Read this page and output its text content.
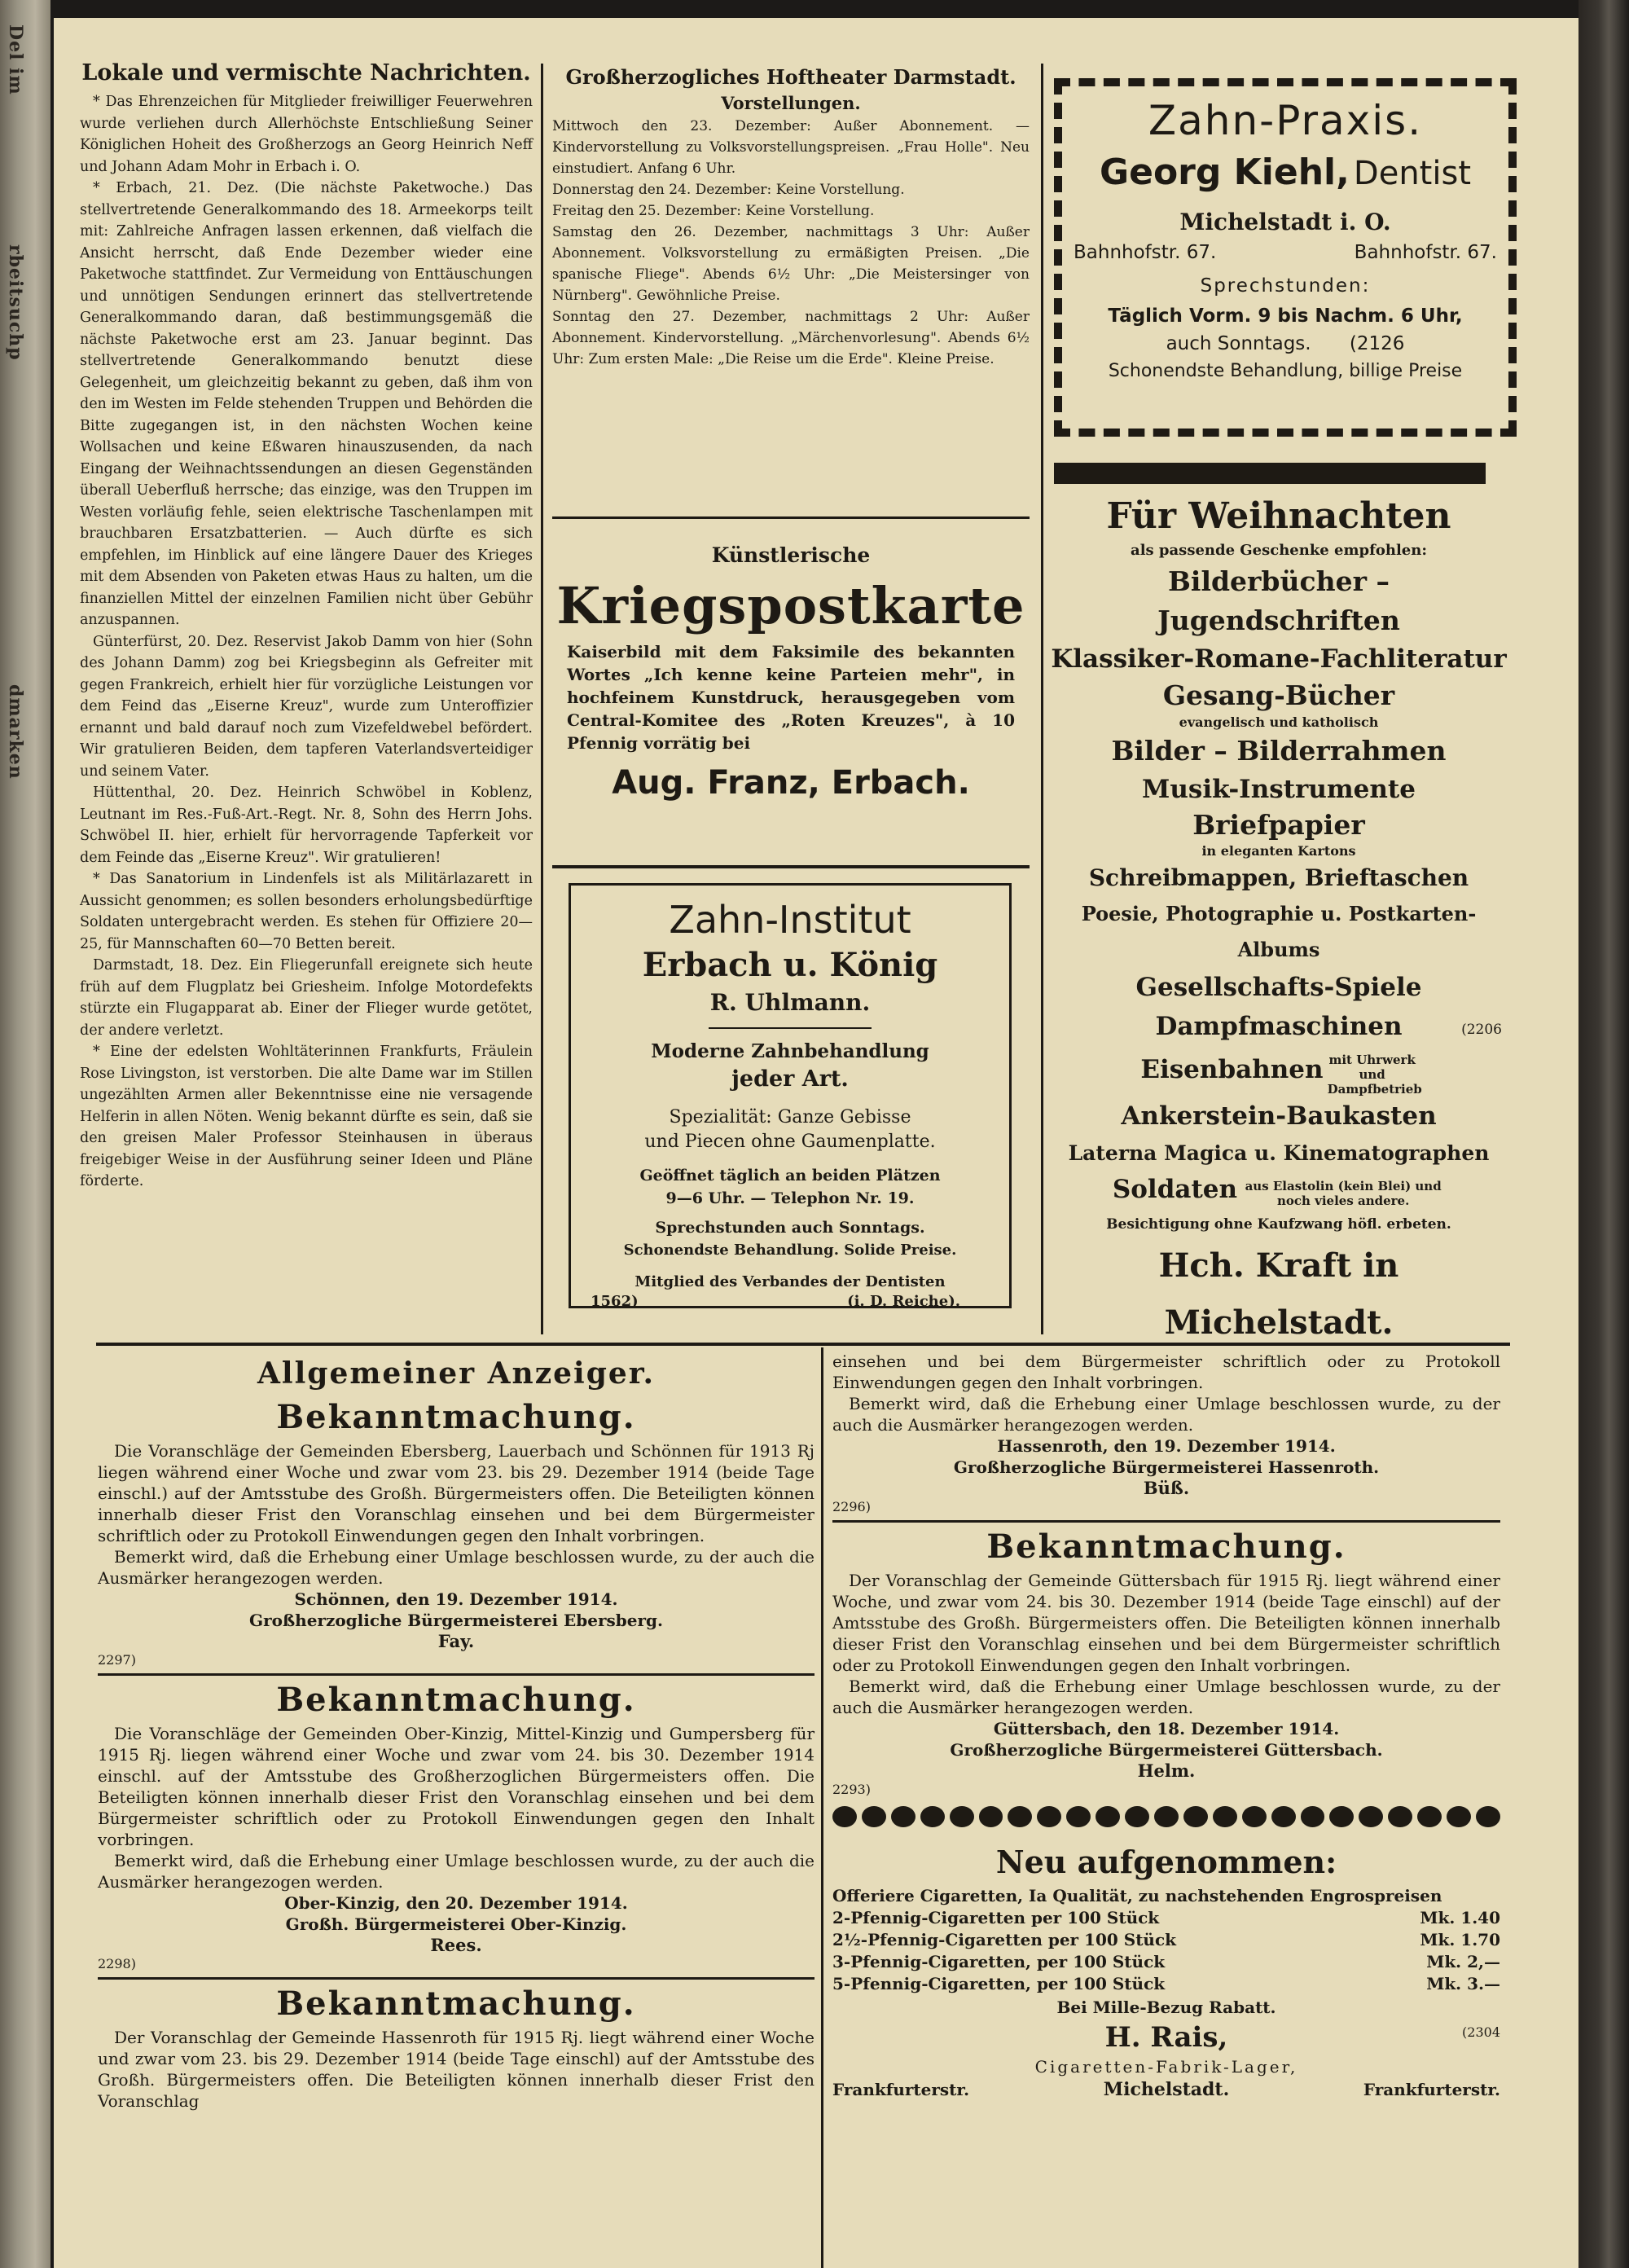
Del im
rbeitsuchp
dmarken
Lokale und vermischte Nachrichten.

* Das Ehrenzeichen für Mitglieder freiwilliger Feuerwehren wurde verliehen durch Allerhöchste Entschließung Seiner Königlichen Hoheit des Großherzogs an Georg Heinrich Neff und Johann Adam Mohr in Erbach i. O.

* Erbach, 21. Dez. (Die nächste Paketwoche.) Das stellvertretende Generalkommando des 18. Armeekorps teilt mit: Zahlreiche Anfragen lassen erkennen, daß vielfach die Ansicht herrscht, daß Ende Dezember wieder eine Paketwoche stattfindet. Zur Vermeidung von Enttäuschungen und unnötigen Sendungen erinnert das stellvertretende Generalkommando daran, daß bestimmungsgemäß die nächste Paketwoche erst am 23. Januar beginnt. Das stellvertretende Generalkommando benutzt diese Gelegenheit, um gleichzeitig bekannt zu geben, daß ihm von den im Westen im Felde stehenden Truppen und Behörden die Bitte zugegangen ist, in den nächsten Wochen keine Wollsachen und keine Eßwaren hinauszusenden, da nach Eingang der Weihnachtssendungen an diesen Gegenständen überall Ueberfluß herrsche; das einzige, was den Truppen im Westen vorläufig fehle, seien elektrische Taschenlampen mit brauchbaren Ersatzbatterien. — Auch dürfte es sich empfehlen, im Hinblick auf eine längere Dauer des Krieges mit dem Absenden von Paketen etwas Haus zu halten, um die finanziellen Mittel der einzelnen Familien nicht über Gebühr anzuspannen.

Günterfürst, 20. Dez. Reservist Jakob Damm von hier (Sohn des Johann Damm) zog bei Kriegsbeginn als Gefreiter mit gegen Frankreich, erhielt hier für vorzügliche Leistungen vor dem Feind das „Eiserne Kreuz", wurde zum Unteroffizier ernannt und bald darauf noch zum Vizefeldwebel befördert. Wir gratulieren Beiden, dem tapferen Vaterlandsverteidiger und seinem Vater.

Hüttenthal, 20. Dez. Heinrich Schwöbel in Koblenz, Leutnant im Res.-Fuß-Art.-Regt. Nr. 8, Sohn des Herrn Johs. Schwöbel II. hier, erhielt für hervorragende Tapferkeit vor dem Feinde das „Eiserne Kreuz". Wir gratulieren!

* Das Sanatorium in Lindenfels ist als Militärlazarett in Aussicht genommen; es sollen besonders erholungsbedürftige Soldaten untergebracht werden. Es stehen für Offiziere 20—25, für Mannschaften 60—70 Betten bereit.

Darmstadt, 18. Dez. Ein Fliegerunfall ereignete sich heute früh auf dem Flugplatz bei Griesheim. Infolge Motordefekts stürzte ein Flugapparat ab. Einer der Flieger wurde getötet, der andere verletzt.

* Eine der edelsten Wohltäterinnen Frankfurts, Fräulein Rose Livingston, ist verstorben. Die alte Dame war im Stillen ungezählten Armen aller Bekenntnisse eine nie versagende Helferin in allen Nöten. Wenig bekannt dürfte es sein, daß sie den greisen Maler Professor Steinhausen in überaus freigebiger Weise in der Ausführung seiner Ideen und Pläne förderte.

Großherzogliches Hoftheater Darmstadt.
Vorstellungen.

Mittwoch den 23. Dezember: Außer Abonnement. — Kindervorstellung zu Volksvorstellungspreisen. „Frau Holle". Neu einstudiert. Anfang 6 Uhr.

Donnerstag den 24. Dezember: Keine Vorstellung.

Freitag den 25. Dezember: Keine Vorstellung.

Samstag den 26. Dezember, nachmittags 3 Uhr: Außer Abonnement. Volksvorstellung zu ermäßigten Preisen. „Die spanische Fliege". Abends 6½ Uhr: „Die Meistersinger von Nürnberg". Gewöhnliche Preise.

Sonntag den 27. Dezember, nachmittags 2 Uhr: Außer Abonnement. Kindervorstellung. „Märchenvorlesung". Abends 6½ Uhr: Zum ersten Male: „Die Reise um die Erde". Kleine Preise.

Künstlerische
Kriegspostkarte
Kaiserbild mit dem Faksimile des bekannten Wortes „Ich kenne keine Parteien mehr", in hochfeinem Kunstdruck, herausgegeben vom Central-Komitee des „Roten Kreuzes", à 10 Pfennig vorrätig bei
Aug. Franz, Erbach.
Zahn-Institut
Erbach u. König
R. Uhlmann.
Moderne Zahnbehandlung
jeder Art.
Spezialität: Ganze Gebisse
und Piecen ohne Gaumenplatte.
Geöffnet täglich an beiden Plätzen
9—6 Uhr. — Telephon Nr. 19.
Sprechstunden auch Sonntags.
Schonendste Behandlung. Solide Preise.
Mitglied des Verbandes der Dentisten
1562)	(i. D. Reiche).
Zahn-Praxis.
Georg Kiehl, Dentist
Michelstadt i. O.
Bahnhofstr. 67.	Bahnhofstr. 67.
Sprechstunden:
Täglich Vorm. 9 bis Nachm. 6 Uhr,
auch Sonntags. (2126
Schonendste Behandlung, billige Preise
Für Weihnachten
als passende Geschenke empfohlen:
Bilderbücher – Jugendschriften
Klassiker-Romane-Fachliteratur
Gesang-Bücher
evangelisch und katholisch
Bilder – Bilderrahmen
Musik-Instrumente
Briefpapier
in eleganten Kartons
Schreibmappen, Brieftaschen
Poesie, Photographie u. Postkarten-Albums
Gesellschafts-Spiele
Dampfmaschinen	(2206
Eisenbahnen mit Uhrwerk und Dampfbetrieb
Ankerstein-Baukasten
Laterna Magica u. Kinematographen
Soldaten aus Elastolin (kein Blei) und noch vieles andere.
Besichtigung ohne Kaufzwang höfl. erbeten.
Hch. Kraft in Michelstadt.
Allgemeiner Anzeiger.
Bekanntmachung.

Die Voranschläge der Gemeinden Ebersberg, Lauerbach und Schönnen für 1913 Rj liegen während einer Woche und zwar vom 23. bis 29. Dezember 1914 (beide Tage einschl.) auf der Amtsstube des Großh. Bürgermeisters offen. Die Beteiligten können innerhalb dieser Frist den Voranschlag einsehen und bei dem Bürgermeister schriftlich oder zu Protokoll Einwendungen gegen den Inhalt vorbringen.

Bemerkt wird, daß die Erhebung einer Umlage beschlossen wurde, zu der auch die Ausmärker herangezogen werden.

Schönnen, den 19. Dezember 1914.
Großherzogliche Bürgermeisterei Ebersberg.
Fay.
2297)
Bekanntmachung.

Die Voranschläge der Gemeinden Ober-Kinzig, Mittel-Kinzig und Gumpersberg für 1915 Rj. liegen während einer Woche und zwar vom 24. bis 30. Dezember 1914 einschl. auf der Amtsstube des Großherzoglichen Bürgermeisters offen. Die Beteiligten können innerhalb dieser Frist den Voranschlag einsehen und bei dem Bürgermeister schriftlich oder zu Protokoll Einwendungen gegen den Inhalt vorbringen.

Bemerkt wird, daß die Erhebung einer Umlage beschlossen wurde, zu der auch die Ausmärker herangezogen werden.

Ober-Kinzig, den 20. Dezember 1914.
Großh. Bürgermeisterei Ober-Kinzig.
Rees.
2298)
Bekanntmachung.

Der Voranschlag der Gemeinde Hassenroth für 1915 Rj. liegt während einer Woche und zwar vom 23. bis 29. Dezember 1914 (beide Tage einschl) auf der Amtsstube des Großh. Bürgermeisters offen. Die Beteiligten können innerhalb dieser Frist den Voranschlag

einsehen und bei dem Bürgermeister schriftlich oder zu Protokoll Einwendungen gegen den Inhalt vorbringen.

Bemerkt wird, daß die Erhebung einer Umlage beschlossen wurde, zu der auch die Ausmärker herangezogen werden.

Hassenroth, den 19. Dezember 1914.
Großherzogliche Bürgermeisterei Hassenroth.
Büß.
2296)
Bekanntmachung.

Der Voranschlag der Gemeinde Güttersbach für 1915 Rj. liegt während einer Woche, und zwar vom 24. bis 30. Dezember 1914 (beide Tage einschl) auf der Amtsstube des Großh. Bürgermeisters offen. Die Beteiligten können innerhalb dieser Frist den Voranschlag einsehen und bei dem Bürgermeister schriftlich oder zu Protokoll Einwendungen gegen den Inhalt vorbringen.

Bemerkt wird, daß die Erhebung einer Umlage beschlossen wurde, zu der auch die Ausmärker herangezogen werden.

Güttersbach, den 18. Dezember 1914.
Großherzogliche Bürgermeisterei Güttersbach.
Helm.
2293)
Neu aufgenommen:
Offeriere Cigaretten, Ia Qualität, zu nachstehenden Engrospreisen
2-Pfennig-Cigaretten per 100 Stück	Mk. 1.40
2½-Pfennig-Cigaretten per 100 Stück	Mk. 1.70
3-Pfennig-Cigaretten, per 100 Stück	Mk. 2,—
5-Pfennig-Cigaretten, per 100 Stück	Mk. 3.—
Bei Mille-Bezug Rabatt.
H. Rais,	(2304
Cigaretten-Fabrik-Lager,
Frankfurterstr.	Michelstadt.	Frankfurterstr.
